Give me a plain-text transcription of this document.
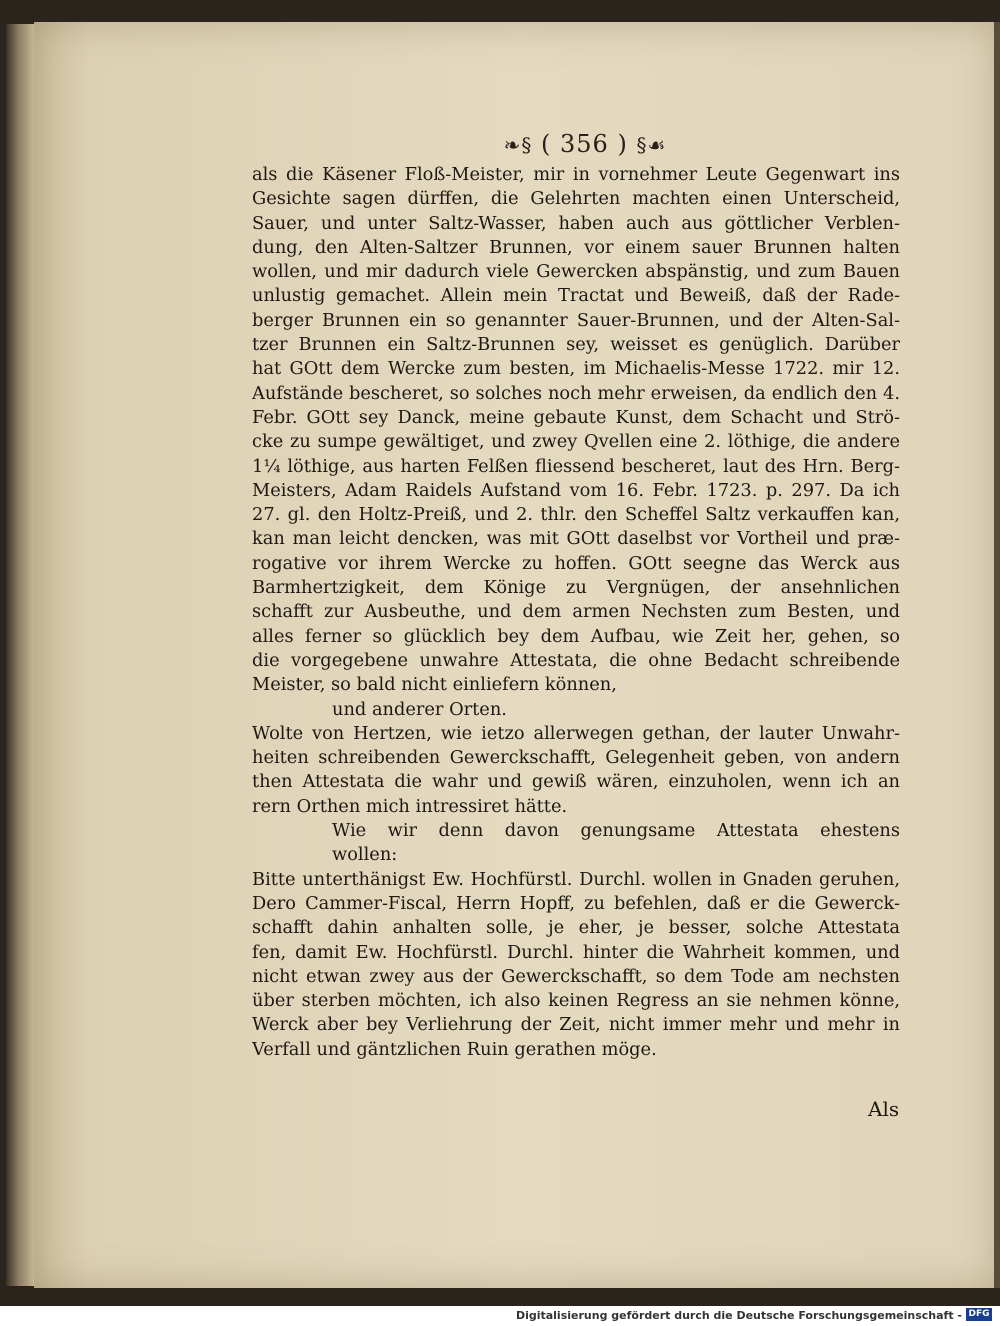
❧§ ( 356 ) §☙
als die Käsener Floß-Meister, mir in vornehmer Leute Gegenwart ins
Gesichte sagen dürffen, die Gelehrten machten einen Unterscheid,
Sauer, und unter Saltz-Wasser, haben auch aus göttlicher Verblen-
dung, den Alten-Saltzer Brunnen, vor einem sauer Brunnen halten
wollen, und mir dadurch viele Gewercken abspänstig, und zum Bauen
unlustig gemachet. Allein mein Tractat und Beweiß, daß der Rade-
berger Brunnen ein so genannter Sauer-Brunnen, und der Alten-Sal-
tzer Brunnen ein Saltz-Brunnen sey, weisset es genüglich. Darüber
hat GOtt dem Wercke zum besten, im Michaelis-Messe 1722. mir 12.
Aufstände bescheret, so solches noch mehr erweisen, da endlich den 4.
Febr. GOtt sey Danck, meine gebaute Kunst, dem Schacht und Strö-
cke zu sumpe gewältiget, und zwey Qvellen eine 2. löthige, die andere
1¼ löthige, aus harten Felßen fliessend bescheret, laut des Hrn. Berg-
Meisters, Adam Raidels Aufstand vom 16. Febr. 1723. p. 297. Da ich
27. gl. den Holtz-Preiß, und 2. thlr. den Scheffel Saltz verkauffen kan,
kan man leicht dencken, was mit GOtt daselbst vor Vortheil und præ-
rogative vor ihrem Wercke zu hoffen. GOtt seegne das Werck aus
Barmhertzigkeit, dem Könige zu Vergnügen, der ansehnlichen
schafft zur Ausbeuthe, und dem armen Nechsten zum Besten, und
alles ferner so glücklich bey dem Aufbau, wie Zeit her, gehen, so
die vorgegebene unwahre Attestata, die ohne Bedacht schreibende
Meister, so bald nicht einliefern können,
und anderer Orten.
Wolte von Hertzen, wie ietzo allerwegen gethan, der lauter Unwahr-
heiten schreibenden Gewerckschafft, Gelegenheit geben, von andern
then Attestata die wahr und gewiß wären, einzuholen, wenn ich an
rern Orthen mich intressiret hätte.
Wie wir denn davon genungsame Attestata ehestens
wollen:
Bitte unterthänigst Ew. Hochfürstl. Durchl. wollen in Gnaden geruhen,
Dero Cammer-Fiscal, Herrn Hopff, zu befehlen, daß er die Gewerck-
schafft dahin anhalten solle, je eher, je besser, solche Attestata
fen, damit Ew. Hochfürstl. Durchl. hinter die Wahrheit kommen, und
nicht etwan zwey aus der Gewerckschafft, so dem Tode am nechsten
über sterben möchten, ich also keinen Regress an sie nehmen könne,
Werck aber bey Verliehrung der Zeit, nicht immer mehr und mehr in
Verfall und gäntzlichen Ruin gerathen möge.
Als
Digitalisierung gefördert durch die Deutsche Forschungsgemeinschaft - DFG
